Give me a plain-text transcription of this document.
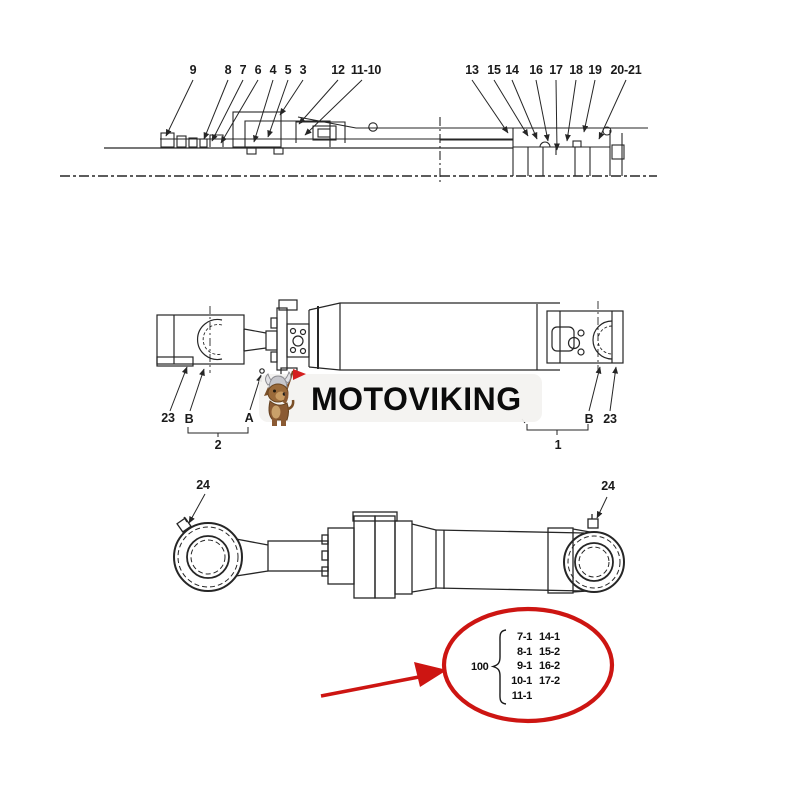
9 8 7 6 4 5 3 12 11-10	13 15 14 16 17 18 19 20-21
23 B	A
2
B 23
1
24	24
MOTOVIKING
100
7-1 14-1
8-1 15-2
9-1 16-2
10-1 17-2
11-1
